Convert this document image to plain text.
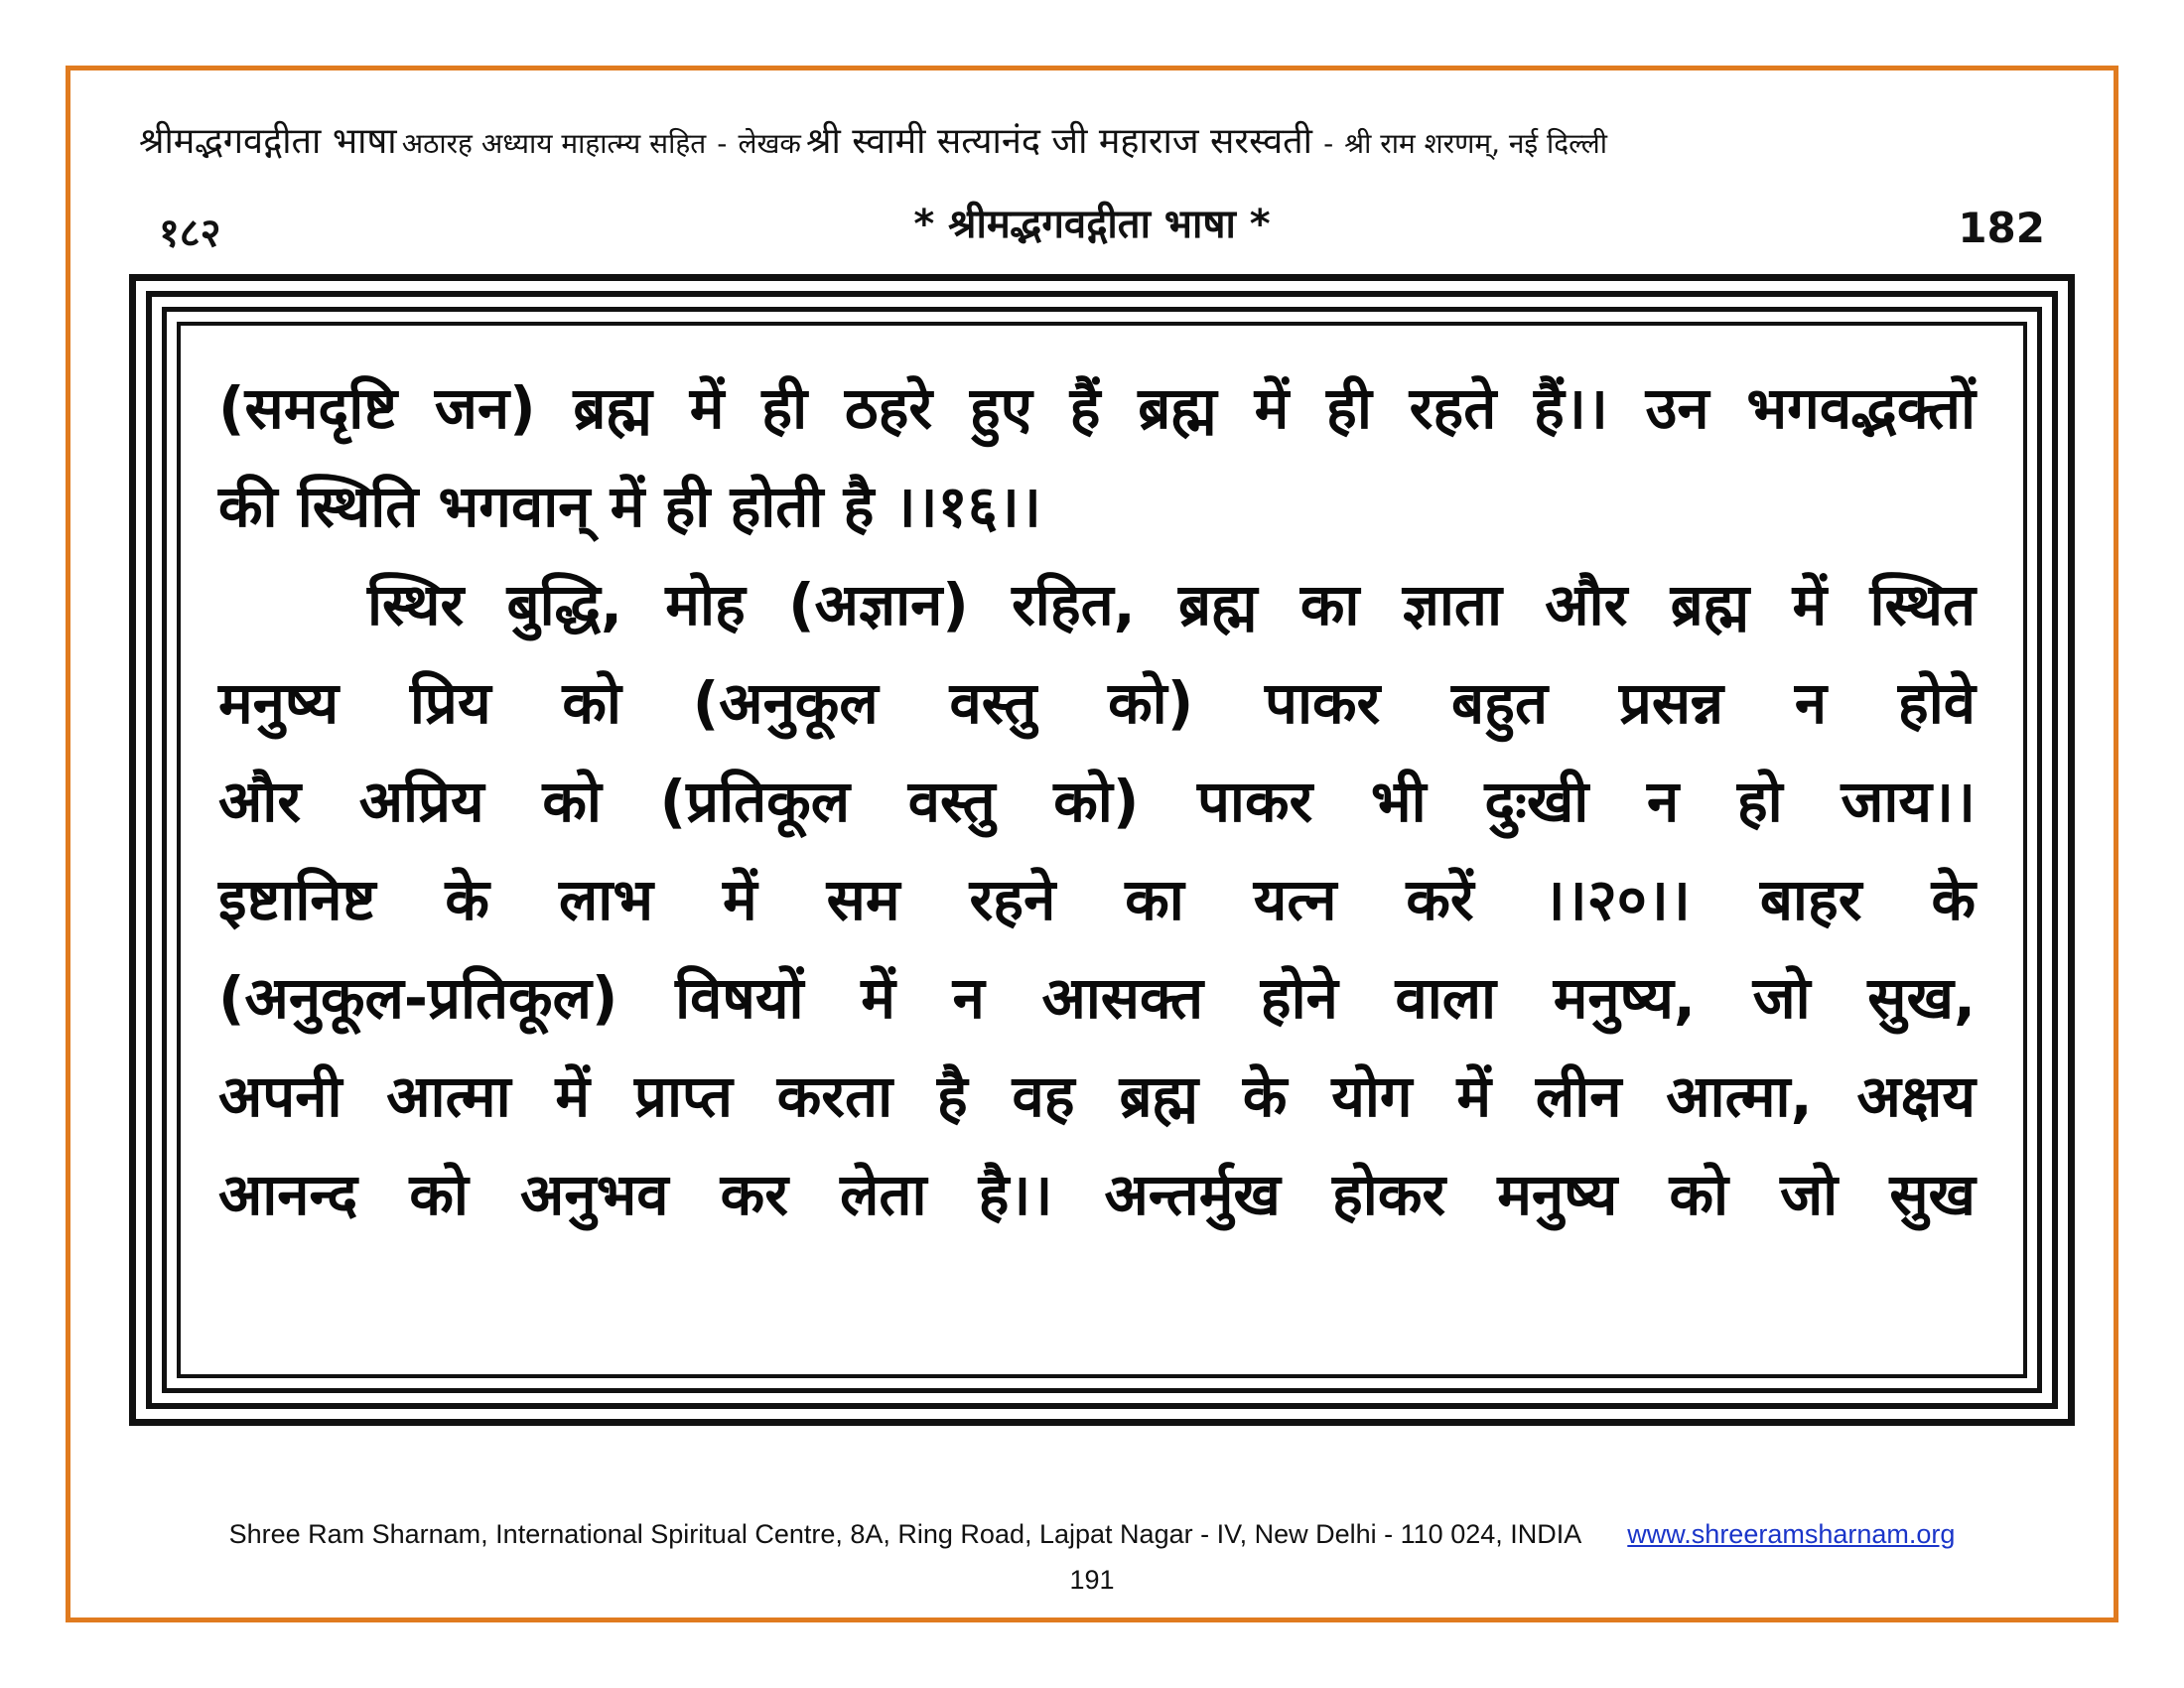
श्रीमद्भगवद्गीता भाषा अठारह अध्याय माहात्म्य सहित - लेखक श्री स्वामी सत्यानंद जी महाराज सरस्वती - श्री राम शरणम्, नई दिल्ली
१८२	* श्रीमद्भगवद्गीता भाषा *	182
(समदृष्टि जन) ब्रह्म में ही ठहरे हुए हैं ब्रह्म में ही रहते हैं।। उन भगवद्भक्तों
की स्थिति भगवान् में ही होती है ।।१६।।
स्थिर बुद्धि, मोह (अज्ञान) रहित, ब्रह्म का ज्ञाता और ब्रह्म में स्थित
मनुष्य प्रिय को (अनुकूल वस्तु को) पाकर बहुत प्रसन्न न होवे
और अप्रिय को (प्रतिकूल वस्तु को) पाकर भी दुःखी न हो जाय।।
इष्टानिष्ट के लाभ में सम रहने का यत्न करें ।।२०।। बाहर के
(अनुकूल-प्रतिकूल) विषयों में न आसक्त होने वाला मनुष्य, जो सुख,
अपनी आत्मा में प्राप्त करता है वह ब्रह्म के योग में लीन आत्मा, अक्षय
आनन्द को अनुभव कर लेता है।। अन्तर्मुख होकर मनुष्य को जो सुख
Shree Ram Sharnam, International Spiritual Centre, 8A, Ring Road, Lajpat Nagar - IV, New Delhi - 110 024, INDIA www.shreeramsharnam.org
191
